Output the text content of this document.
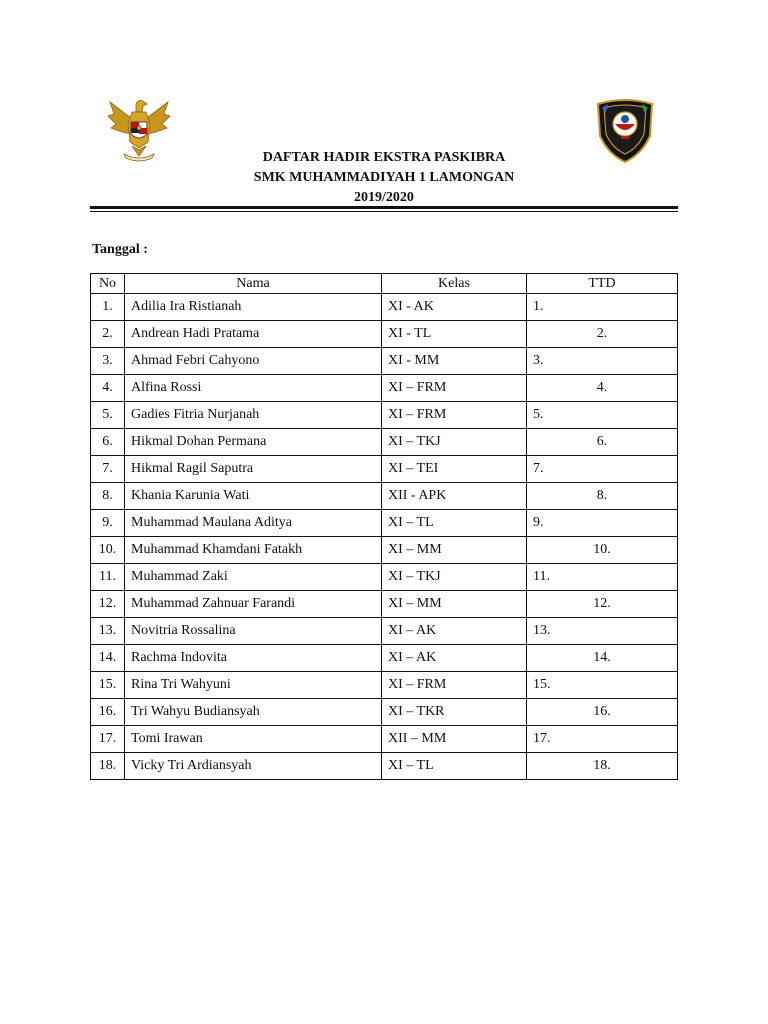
DAFTAR HADIR EKSTRA PASKIBRA
SMK MUHAMMADIYAH 1 LAMONGAN
2019/2020
Tanggal :
No	Nama	Kelas	TTD
1.	Adilia Ira Ristianah	XI - AK	1.
2.	Andrean Hadi Pratama	XI - TL	2.
3.	Ahmad Febri Cahyono	XI - MM	3.
4.	Alfina Rossi	XI – FRM	4.
5.	Gadies Fitria Nurjanah	XI – FRM	5.
6.	Hikmal Dohan Permana	XI – TKJ	6.
7.	Hikmal Ragil Saputra	XI – TEI	7.
8.	Khania Karunia Wati	XII - APK	8.
9.	Muhammad Maulana Aditya	XI – TL	9.
10.	Muhammad Khamdani Fatakh	XI – MM	10.
11.	Muhammad Zaki	XI – TKJ	11.
12.	Muhammad Zahnuar Farandi	XI – MM	12.
13.	Novitria Rossalina	XI – AK	13.
14.	Rachma Indovita	XI – AK	14.
15.	Rina Tri Wahyuni	XI – FRM	15.
16.	Tri Wahyu Budiansyah	XI – TKR	16.
17.	Tomi Irawan	XII – MM	17.
18.	Vicky Tri Ardiansyah	XI – TL	18.
